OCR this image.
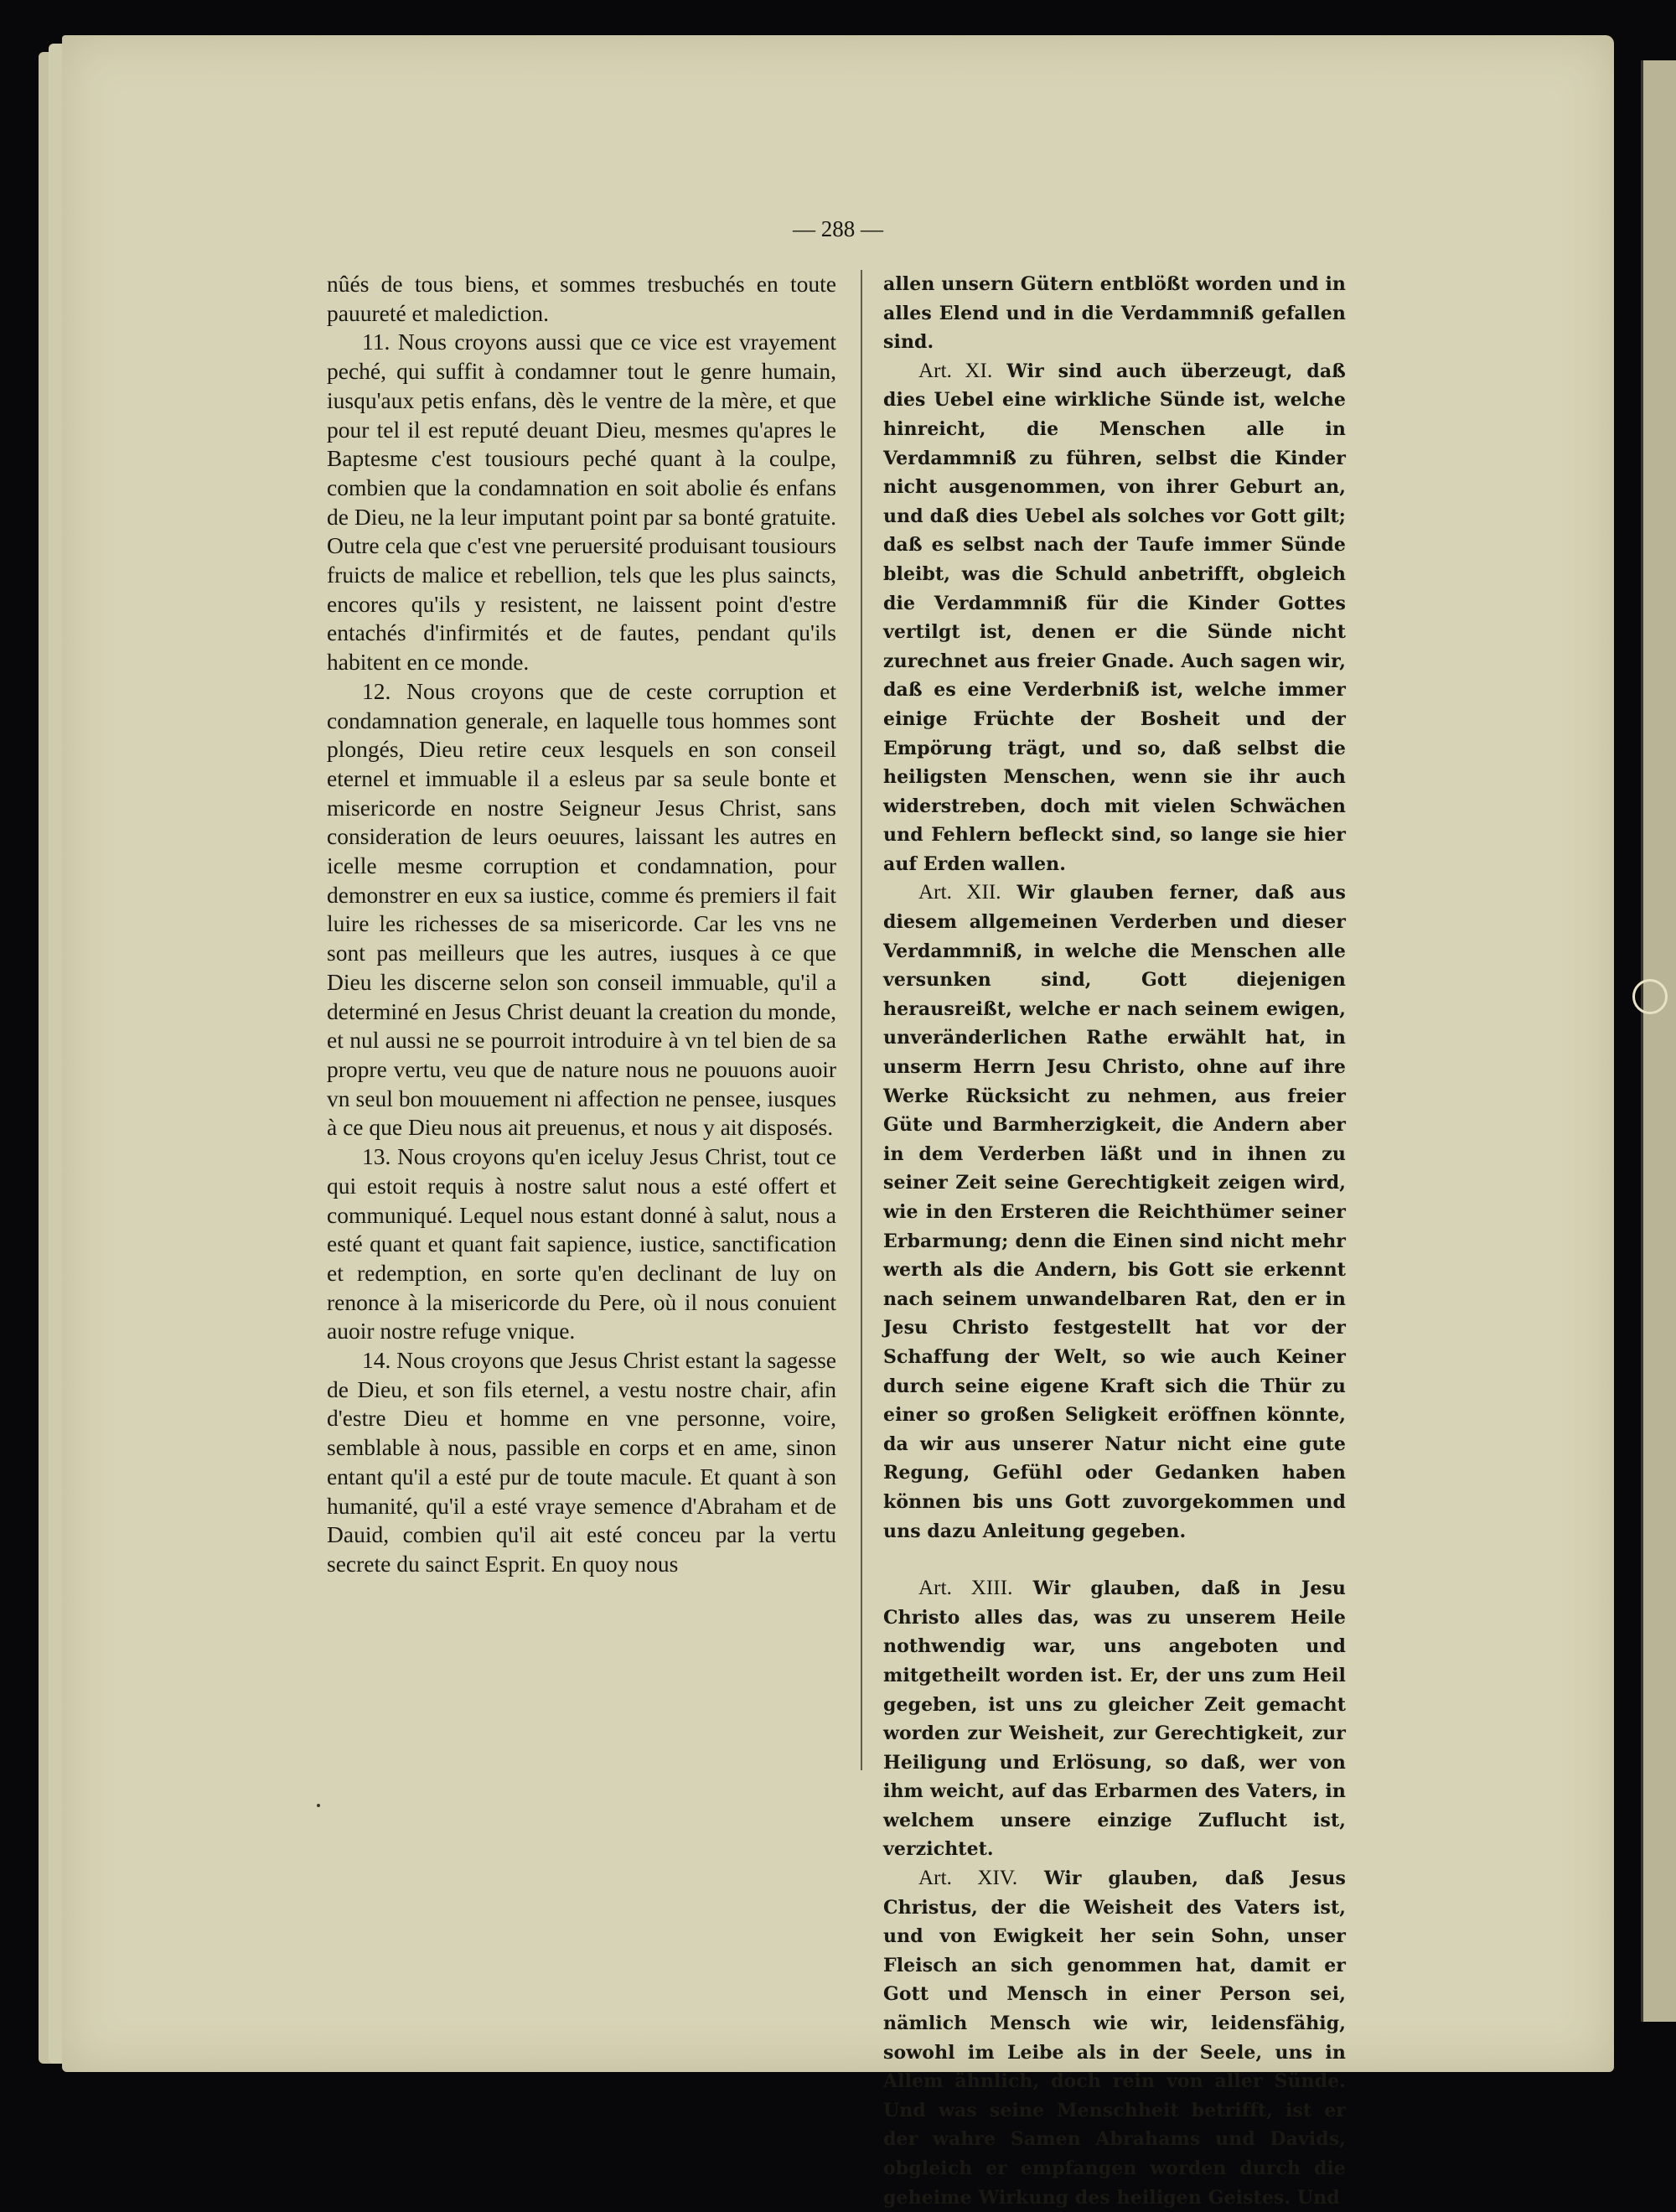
— 288 —

nûés de tous biens, et sommes tresbuchés en toute pauureté et malediction.

11. Nous croyons aussi que ce vice est vrayement peché, qui suffit à condamner tout le genre humain, iusqu'aux petis enfans, dès le ventre de la mère, et que pour tel il est reputé deuant Dieu, mesmes qu'apres le Baptesme c'est tousiours peché quant à la coulpe, combien que la condamnation en soit abolie és enfans de Dieu, ne la leur imputant point par sa bonté gratuite. Outre cela que c'est vne peruersité produisant tousiours fruicts de malice et rebellion, tels que les plus saincts, encores qu'ils y resistent, ne laissent point d'estre entachés d'infirmités et de fautes, pendant qu'ils habitent en ce monde.

12. Nous croyons que de ceste corruption et condamnation generale, en laquelle tous hommes sont plongés, Dieu retire ceux lesquels en son conseil eternel et immuable il a esleus par sa seule bonte et misericorde en nostre Seigneur Jesus Christ, sans consideration de leurs oeuures, laissant les autres en icelle mesme corruption et condamnation, pour demonstrer en eux sa iustice, comme és premiers il fait luire les richesses de sa misericorde. Car les vns ne sont pas meilleurs que les autres, iusques à ce que Dieu les discerne selon son conseil immuable, qu'il a determiné en Jesus Christ deuant la creation du monde, et nul aussi ne se pourroit introduire à vn tel bien de sa propre vertu, veu que de nature nous ne pouuons auoir vn seul bon mouuement ni affection ne pensee, iusques à ce que Dieu nous ait preuenus, et nous y ait disposés.

13. Nous croyons qu'en iceluy Jesus Christ, tout ce qui estoit requis à nostre salut nous a esté offert et communiqué. Lequel nous estant donné à salut, nous a esté quant et quant fait sapience, iustice, sanctification et redemption, en sorte qu'en declinant de luy on renonce à la misericorde du Pere, où il nous conuient auoir nostre refuge vnique.

14. Nous croyons que Jesus Christ estant la sagesse de Dieu, et son fils eternel, a vestu nostre chair, afin d'estre Dieu et homme en vne personne, voire, semblable à nous, passible en corps et en ame, sinon entant qu'il a esté pur de toute macule. Et quant à son humanité, qu'il a esté vraye semence d'Abraham et de Dauid, combien qu'il ait esté conceu par la vertu secrete du sainct Esprit. En quoy nous

allen unsern Gütern entblößt worden und in alles Elend und in die Verdammniß gefallen sind.

Art. XI. Wir sind auch überzeugt, daß dies Uebel eine wirkliche Sünde ist, welche hinreicht, die Menschen alle in Verdammniß zu führen, selbst die Kinder nicht ausgenommen, von ihrer Geburt an, und daß dies Uebel als solches vor Gott gilt; daß es selbst nach der Taufe immer Sünde bleibt, was die Schuld anbetrifft, obgleich die Verdammniß für die Kinder Gottes vertilgt ist, denen er die Sünde nicht zurechnet aus freier Gnade. Auch sagen wir, daß es eine Verderbniß ist, welche immer einige Früchte der Bosheit und der Empörung trägt, und so, daß selbst die heiligsten Menschen, wenn sie ihr auch widerstreben, doch mit vielen Schwächen und Fehlern befleckt sind, so lange sie hier auf Erden wallen.

Art. XII. Wir glauben ferner, daß aus diesem allgemeinen Verderben und dieser Verdammniß, in welche die Menschen alle versunken sind, Gott diejenigen herausreißt, welche er nach seinem ewigen, unveränderlichen Rathe erwählt hat, in unserm Herrn Jesu Christo, ohne auf ihre Werke Rücksicht zu nehmen, aus freier Güte und Barmherzigkeit, die Andern aber in dem Verderben läßt und in ihnen zu seiner Zeit seine Gerechtigkeit zeigen wird, wie in den Ersteren die Reichthümer seiner Erbarmung; denn die Einen sind nicht mehr werth als die Andern, bis Gott sie erkennt nach seinem unwandelbaren Rat, den er in Jesu Christo festgestellt hat vor der Schaffung der Welt, so wie auch Keiner durch seine eigene Kraft sich die Thür zu einer so großen Seligkeit eröffnen könnte, da wir aus unserer Natur nicht eine gute Regung, Gefühl oder Gedanken haben können bis uns Gott zuvorgekommen und uns dazu Anleitung gegeben.

Art. XIII. Wir glauben, daß in Jesu Christo alles das, was zu unserem Heile nothwendig war, uns angeboten und mitgetheilt worden ist. Er, der uns zum Heil gegeben, ist uns zu gleicher Zeit gemacht worden zur Weisheit, zur Gerechtigkeit, zur Heiligung und Erlösung, so daß, wer von ihm weicht, auf das Erbarmen des Vaters, in welchem unsere einzige Zuflucht ist, verzichtet.

Art. XIV. Wir glauben, daß Jesus Christus, der die Weisheit des Vaters ist, und von Ewigkeit her sein Sohn, unser Fleisch an sich genommen hat, damit er Gott und Mensch in einer Person sei, nämlich Mensch wie wir, leidensfähig, sowohl im Leibe als in der Seele, uns in Allem ähnlich, doch rein von aller Sünde. Und was seine Menschheit betrifft, ist er der wahre Samen Abrahams und Davids, obgleich er empfangen worden durch die geheime Wirkung des heiligen Geistes. Und
